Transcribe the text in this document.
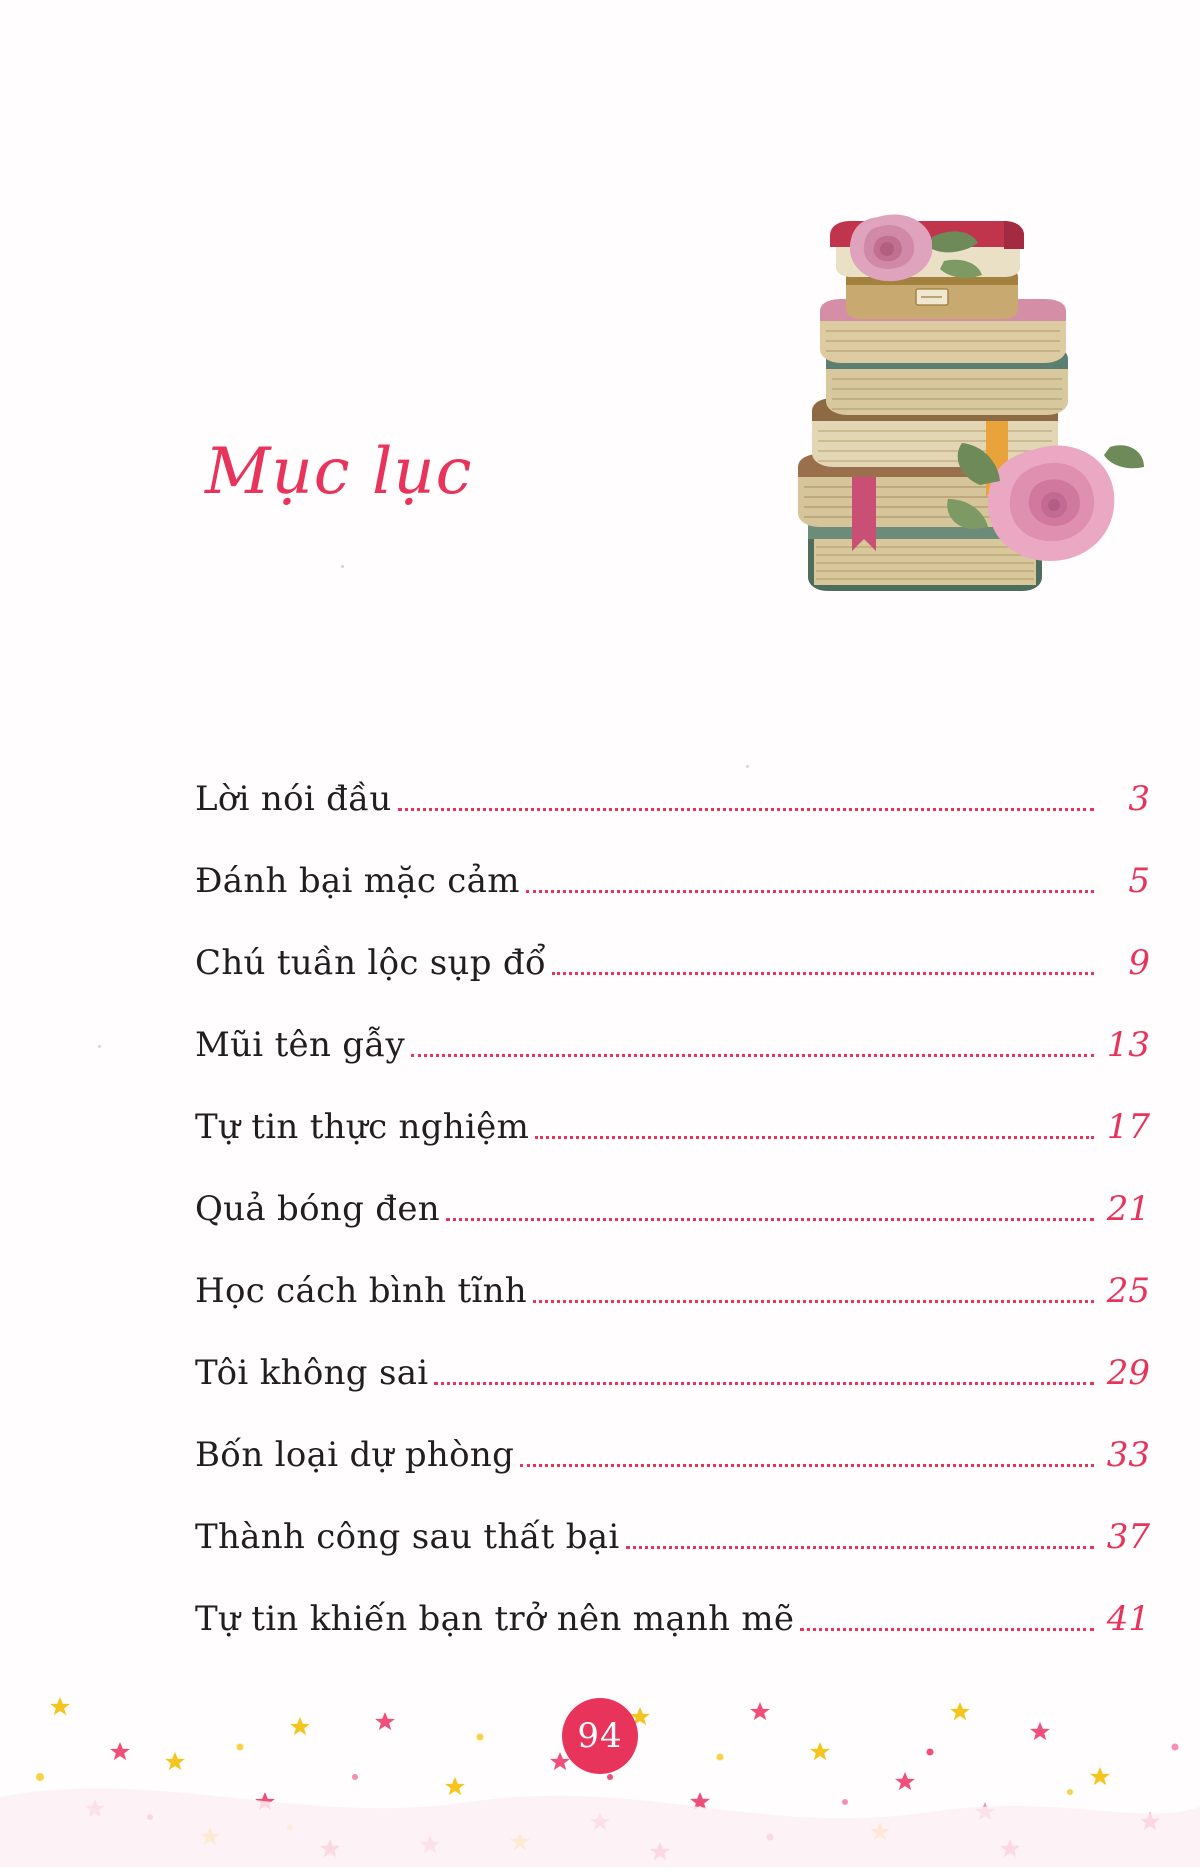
Mục lục
Lời nói đầu	3
Đánh bại mặc cảm	5
Chú tuần lộc sụp đổ	9
Mũi tên gẫy	13
Tự tin thực nghiệm	17
Quả bóng đen	21
Học cách bình tĩnh	25
Tôi không sai	29
Bốn loại dự phòng	33
Thành công sau thất bại	37
Tự tin khiến bạn trở nên mạnh mẽ	41
94
